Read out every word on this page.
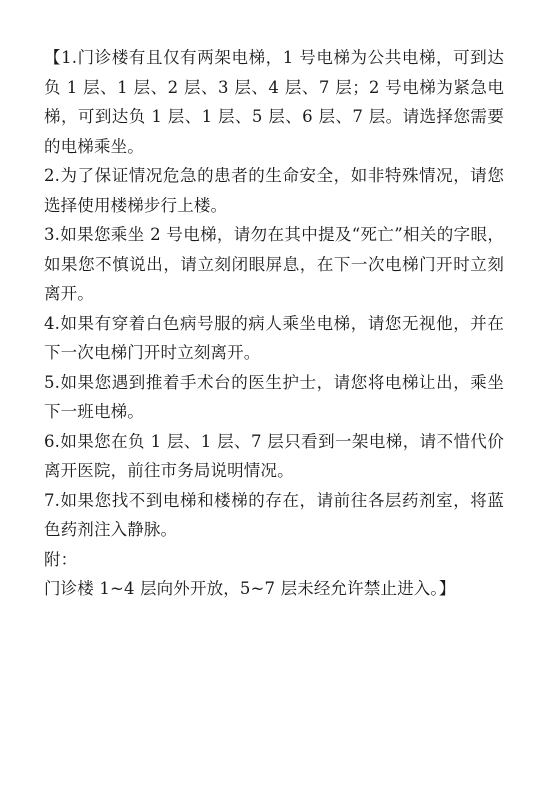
【1.门诊楼有且仅有两架电梯，1 号电梯为公共电梯，可到达负 1 层、1 层、2 层、3 层、4 层、7 层；2 号电梯为紧急电梯，可到达负 1 层、1 层、5 层、6 层、7 层。请选择您需要的电梯乘坐。

2.为了保证情况危急的患者的生命安全，如非特殊情况，请您选择使用楼梯步行上楼。

3.如果您乘坐 2 号电梯，请勿在其中提及“死亡”相关的字眼，如果您不慎说出，请立刻闭眼屏息，在下一次电梯门开时立刻离开。

4.如果有穿着白色病号服的病人乘坐电梯，请您无视他，并在下一次电梯门开时立刻离开。

5.如果您遇到推着手术台的医生护士，请您将电梯让出，乘坐下一班电梯。

6.如果您在负 1 层、1 层、7 层只看到一架电梯，请不惜代价离开医院，前往市务局说明情况。

7.如果您找不到电梯和楼梯的存在，请前往各层药剂室，将蓝色药剂注入静脉。

附：

门诊楼 1~4 层向外开放，5~7 层未经允许禁止进入。】
